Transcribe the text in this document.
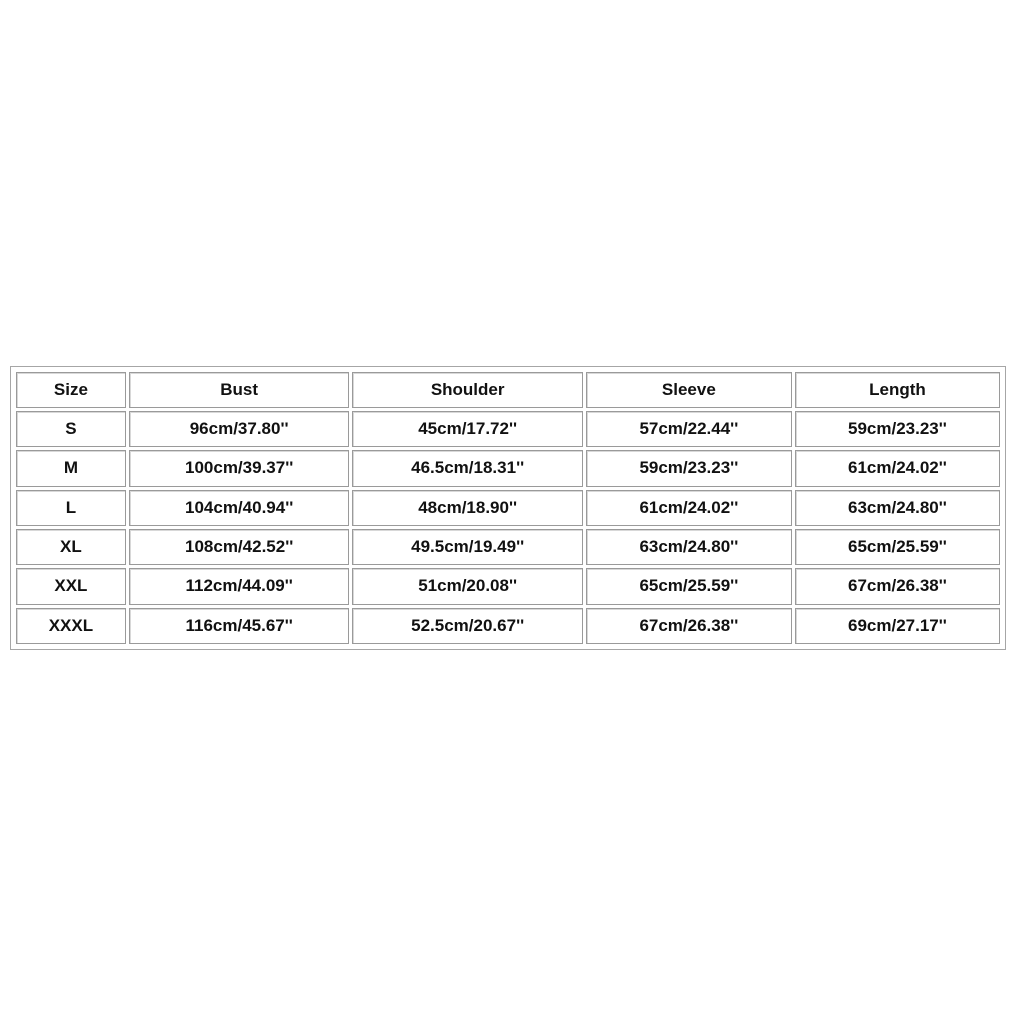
Size	Bust	Shoulder	Sleeve	Length
S	96cm/37.80''	45cm/17.72''	57cm/22.44''	59cm/23.23''
M	100cm/39.37''	46.5cm/18.31''	59cm/23.23''	61cm/24.02''
L	104cm/40.94''	48cm/18.90''	61cm/24.02''	63cm/24.80''
XL	108cm/42.52''	49.5cm/19.49''	63cm/24.80''	65cm/25.59''
XXL	112cm/44.09''	51cm/20.08''	65cm/25.59''	67cm/26.38''
XXXL	116cm/45.67''	52.5cm/20.67''	67cm/26.38''	69cm/27.17''
